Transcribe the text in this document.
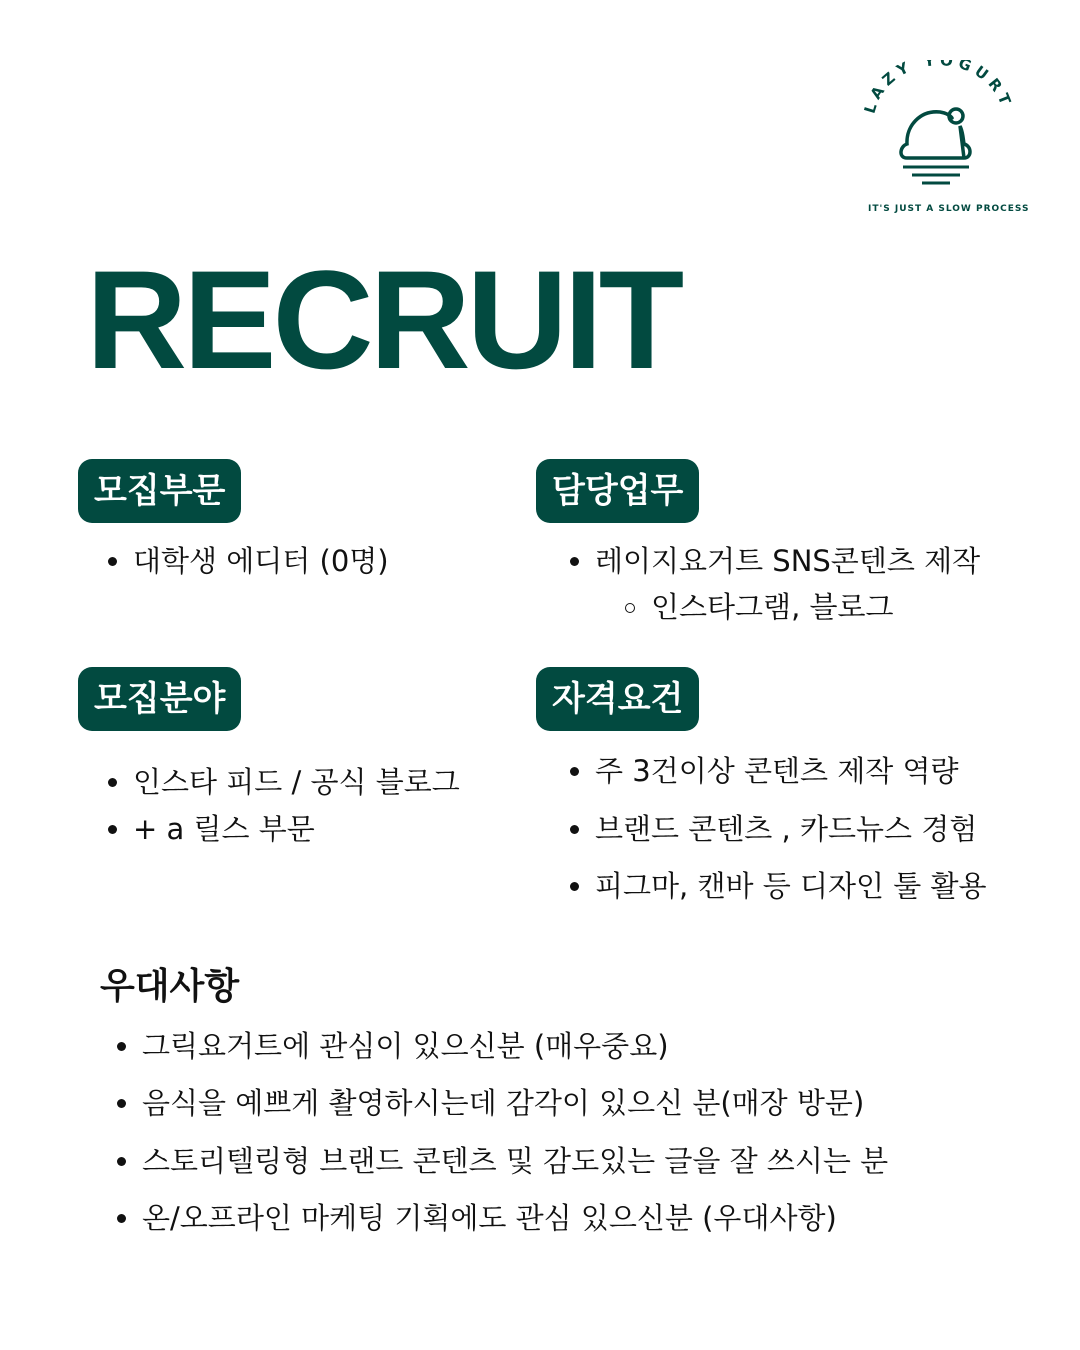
LAZY YOGUR
IT'S JUST A SLOW PROCESS
RECRUIT
모집부문
대학생 에디터 (0명)
담당업무
레이지요거트 SNS콘텐츠 제작
인스타그램, 블로그
모집분야
인스타 피드 / 공식 블로그
+ a 릴스 부문
자격요건
주 3건이상 콘텐츠 제작 역량
브랜드 콘텐츠 , 카드뉴스 경험
피그마, 캔바 등 디자인 툴 활용
우대사항
그릭요거트에 관심이 있으신분 (매우중요)
음식을 예쁘게 촬영하시는데 감각이 있으신 분(매장 방문)
스토리텔링형 브랜드 콘텐츠 및 감도있는 글을 잘 쓰시는 분
온/오프라인 마케팅 기획에도 관심 있으신분 (우대사항)
